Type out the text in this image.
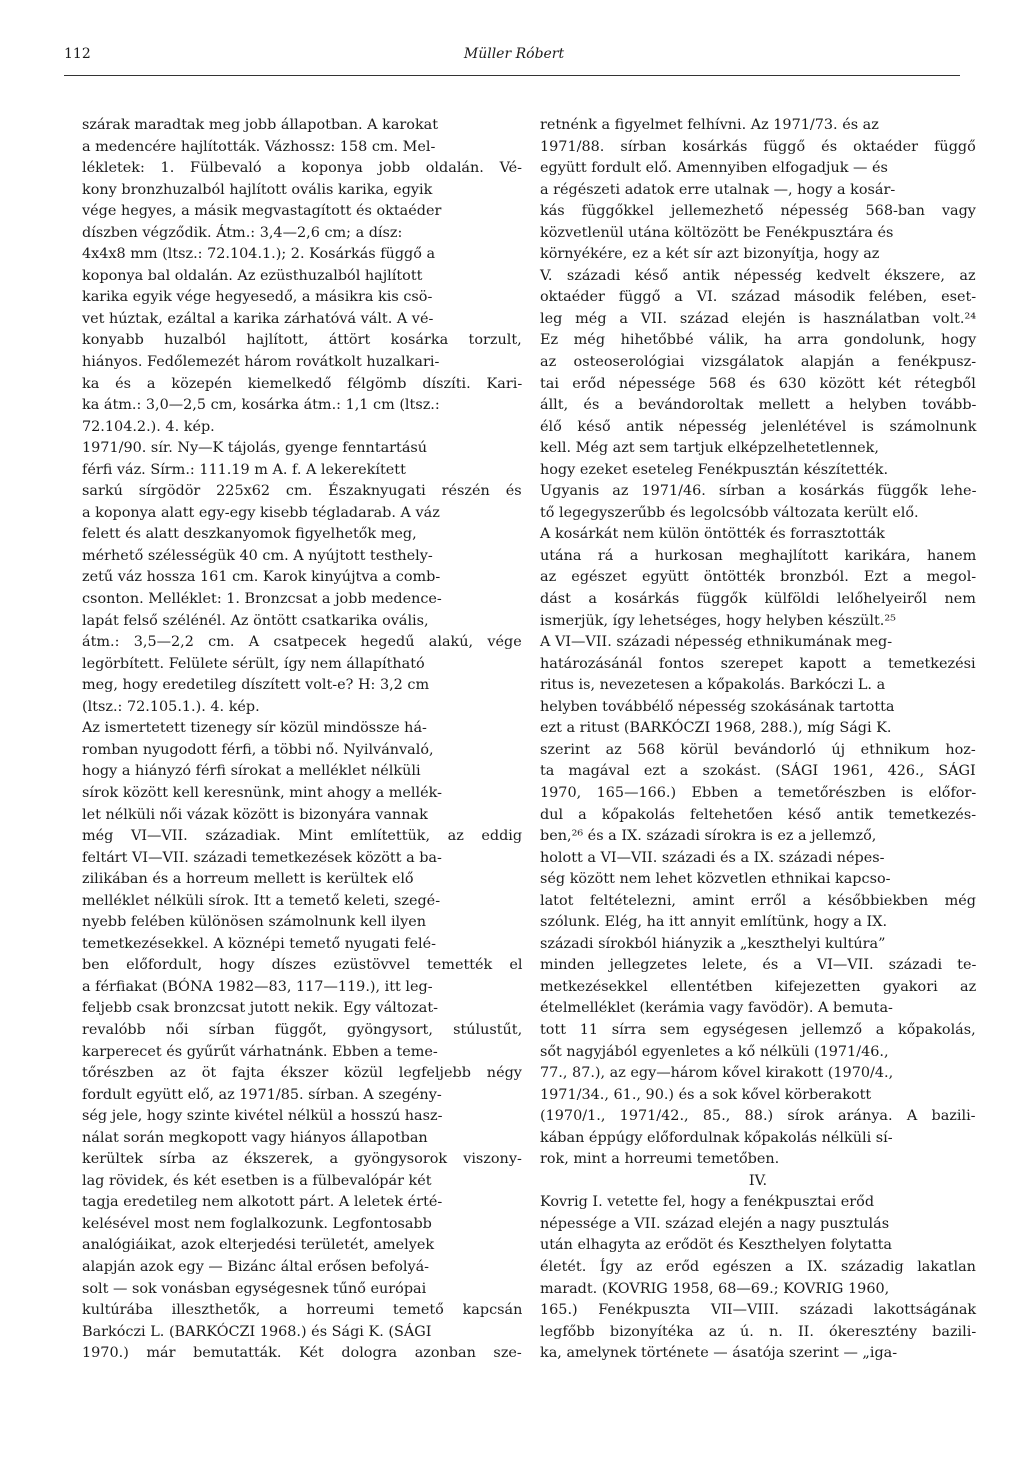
112	Müller Róbert
szárak maradtak meg jobb állapotban. A karokat
a medencére hajlították. Vázhossz: 158 cm. Mel-
lékletek: 1. Fülbevaló a koponya jobb oldalán. Vé-
kony bronzhuzalból hajlított ovális karika, egyik
vége hegyes, a másik megvastagított és oktaéder
díszben végződik. Átm.: 3,4—2,6 cm; a dísz:
4x4x8 mm (ltsz.: 72.104.1.); 2. Kosárkás függő a
koponya bal oldalán. Az ezüsthuzalból hajlított
karika egyik vége hegyesedő, a másikra kis csö-
vet húztak, ezáltal a karika zárhatóvá vált. A vé-
konyabb huzalból hajlított, áttört kosárka torzult,
hiányos. Fedőlemezét három rovátkolt huzalkari-
ka és a közepén kiemelkedő félgömb díszíti. Kari-
ka átm.: 3,0—2,5 cm, kosárka átm.: 1,1 cm (ltsz.:
72.104.2.). 4. kép.
1971/90. sír. Ny—K tájolás, gyenge fenntartású
férfi váz. Sírm.: 111.19 m A. f. A lekerekített
sarkú sírgödör 225x62 cm. Északnyugati részén és
a koponya alatt egy-egy kisebb tégladarab. A váz
felett és alatt deszkanyomok figyelhetők meg,
mérhető szélességük 40 cm. A nyújtott testhely-
zetű váz hossza 161 cm. Karok kinyújtva a comb-
csonton. Melléklet: 1. Bronzcsat a jobb medence-
lapát felső szélénél. Az öntött csatkarika ovális,
átm.: 3,5—2,2 cm. A csatpecek hegedű alakú, vége
legörbített. Felülete sérült, így nem állapítható
meg, hogy eredetileg díszített volt-e? H: 3,2 cm
(ltsz.: 72.105.1.). 4. kép.
Az ismertetett tizenegy sír közül mindössze há-
romban nyugodott férfi, a többi nő. Nyilvánvaló,
hogy a hiányzó férfi sírokat a melléklet nélküli
sírok között kell keresnünk, mint ahogy a mellék-
let nélküli női vázak között is bizonyára vannak
még VI—VII. századiak. Mint említettük, az eddig
feltárt VI—VII. századi temetkezések között a ba-
zilikában és a horreum mellett is kerültek elő
melléklet nélküli sírok. Itt a temető keleti, szegé-
nyebb felében különösen számolnunk kell ilyen
temetkezésekkel. A köznépi temető nyugati felé-
ben előfordult, hogy díszes ezüstövvel temették el
a férfiakat (BÓNA 1982—83, 117—119.), itt leg-
feljebb csak bronzcsat jutott nekik. Egy változat-
revalóbb női sírban függőt, gyöngysort, stúlustűt,
karperecet és gyűrűt várhatnánk. Ebben a teme-
tőrészben az öt fajta ékszer közül legfeljebb négy
fordult együtt elő, az 1971/85. sírban. A szegény-
ség jele, hogy szinte kivétel nélkül a hosszú hasz-
nálat során megkopott vagy hiányos állapotban
kerültek sírba az ékszerek, a gyöngysorok viszony-
lag rövidek, és két esetben is a fülbevalópár két
tagja eredetileg nem alkotott párt. A leletek érté-
kelésével most nem foglalkozunk. Legfontosabb
analógiáikat, azok elterjedési területét, amelyek
alapján azok egy — Bizánc által erősen befolyá-
solt — sok vonásban egységesnek tűnő európai
kultúrába illeszthetők, a horreumi temető kapcsán
Barkóczi L. (BARKÓCZI 1968.) és Sági K. (SÁGI
1970.) már bemutatták. Két dologra azonban sze-
retnénk a figyelmet felhívni. Az 1971/73. és az
1971/88. sírban kosárkás függő és oktaéder függő
együtt fordult elő. Amennyiben elfogadjuk — és
a régészeti adatok erre utalnak —, hogy a kosár-
kás függőkkel jellemezhető népesség 568-ban vagy
közvetlenül utána költözött be Fenékpusztára és
környékére, ez a két sír azt bizonyítja, hogy az
V. századi késő antik népesség kedvelt ékszere, az
oktaéder függő a VI. század második felében, eset-
leg még a VII. század elején is használatban volt.²⁴
Ez még hihetőbbé válik, ha arra gondolunk, hogy
az osteoserológiai vizsgálatok alapján a fenékpusz-
tai erőd népessége 568 és 630 között két rétegből
állt, és a bevándoroltak mellett a helyben tovább-
élő késő antik népesség jelenlétével is számolnunk
kell. Még azt sem tartjuk elképzelhetetlennek,
hogy ezeket eseteleg Fenékpusztán készítették.
Ugyanis az 1971/46. sírban a kosárkás függők lehe-
tő legegyszerűbb és legolcsóbb változata került elő.
A kosárkát nem külön öntötték és forrasztották
utána rá a hurkosan meghajlított karikára, hanem
az egészet együtt öntötték bronzból. Ezt a megol-
dást a kosárkás függők külföldi lelőhelyeiről nem
ismerjük, így lehetséges, hogy helyben készült.²⁵
A VI—VII. századi népesség ethnikumának meg-
határozásánál fontos szerepet kapott a temetkezési
ritus is, nevezetesen a kőpakolás. Barkóczi L. a
helyben továbbélő népesség szokásának tartotta
ezt a ritust (BARKÓCZI 1968, 288.), míg Sági K.
szerint az 568 körül bevándorló új ethnikum hoz-
ta magával ezt a szokást. (SÁGI 1961, 426., SÁGI
1970, 165—166.) Ebben a temetőrészben is előfor-
dul a kőpakolás feltehetően késő antik temetkezés-
ben,²⁶ és a IX. századi sírokra is ez a jellemző,
holott a VI—VII. századi és a IX. századi népes-
ség között nem lehet közvetlen ethnikai kapcso-
latot feltételezni, amint erről a későbbiekben még
szólunk. Elég, ha itt annyit említünk, hogy a IX.
századi sírokból hiányzik a „keszthelyi kultúra”
minden jellegzetes lelete, és a VI—VII. századi te-
metkezésekkel ellentétben kifejezetten gyakori az
ételmelléklet (kerámia vagy favödör). A bemuta-
tott 11 sírra sem egységesen jellemző a kőpakolás,
sőt nagyjából egyenletes a kő nélküli (1971/46.,
77., 87.), az egy—három kővel kirakott (1970/4.,
1971/34., 61., 90.) és a sok kővel körberakott
(1970/1., 1971/42., 85., 88.) sírok aránya. A bazili-
kában éppúgy előfordulnak kőpakolás nélküli sí-
rok, mint a horreumi temetőben.
IV.
Kovrig I. vetette fel, hogy a fenékpusztai erőd
népessége a VII. század elején a nagy pusztulás
után elhagyta az erődöt és Keszthelyen folytatta
életét. Így az erőd egészen a IX. századig lakatlan
maradt. (KOVRIG 1958, 68—69.; KOVRIG 1960,
165.) Fenékpuszta VII—VIII. századi lakottságának
legfőbb bizonyítéka az ú. n. II. ókeresztény bazili-
ka, amelynek története — ásatója szerint — „iga-
